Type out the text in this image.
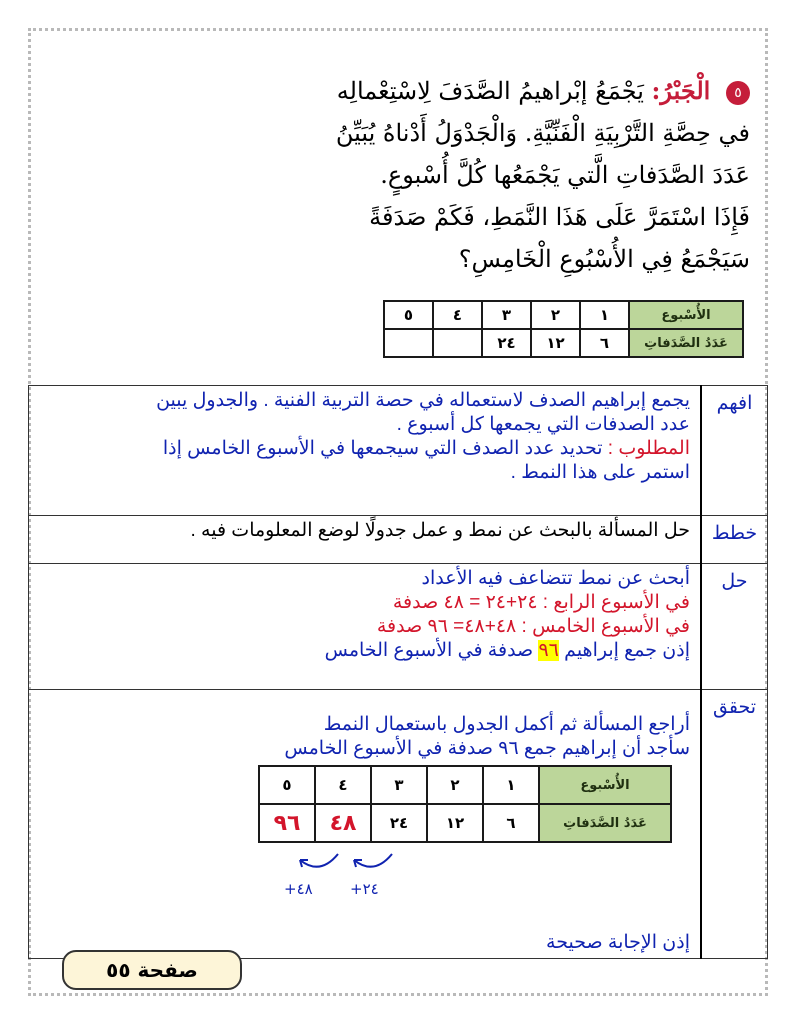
٥ الْجَبْرُ: يَجْمَعُ إبْراهيمُ الصَّدَفَ لِاسْتِعْمالِه
في حِصَّةِ التَّرْبِيَةِ الْفَنِّيَّةِ. وَالْجَدْوَلُ أَدْناهُ يُبَيِّنُ
عَدَدَ الصَّدَفاتِ الَّتي يَجْمَعُها كُلَّ أُسْبوعٍ.
فَإِذَا اسْتَمَرَّ عَلَى هَذَا النَّمَطِ، فَكَمْ صَدَفَةً
سَيَجْمَعُ فِي الأُسْبُوعِ الْخَامِسِ؟
الأُسْبوع	١	٢	٣	٤	٥
عَدَدُ الصَّدَفاتِ	٦	١٢	٢٤		
افهم	يجمع إبراهيم الصدف لاستعماله في حصة التربية الفنية . والجدول يبين
عدد الصدفات التي يجمعها كل أسبوع .
المطلوب : تحديد عدد الصدف التي سيجمعها في الأسبوع الخامس إذا
استمر على هذا النمط .

خطط	حل المسألة بالبحث عن نمط و عمل جدولًا لوضع المعلومات فيه .
حل	أبحث عن نمط تتضاعف فيه الأعداد
في الأسبوع الرابع : ٢٤+٢٤ = ٤٨ صدفة
في الأسبوع الخامس : ٤٨+٤٨= ٩٦ صدفة
إذن جمع إبراهيم ٩٦ صدفة في الأسبوع الخامس

تحقق	أراجع المسألة ثم أكمل الجدول باستعمال النمط
سأجد أن إبراهيم جمع ٩٦ صدفة في الأسبوع الخامس
إذن الإجابة صحيحة
الأُسْبوع	١	٢	٣	٤	٥
عَدَدُ الصَّدَفاتِ	٦	١٢	٢٤	٤٨	٩٦
+٢٤
+٤٨
صفحة ٥٥
